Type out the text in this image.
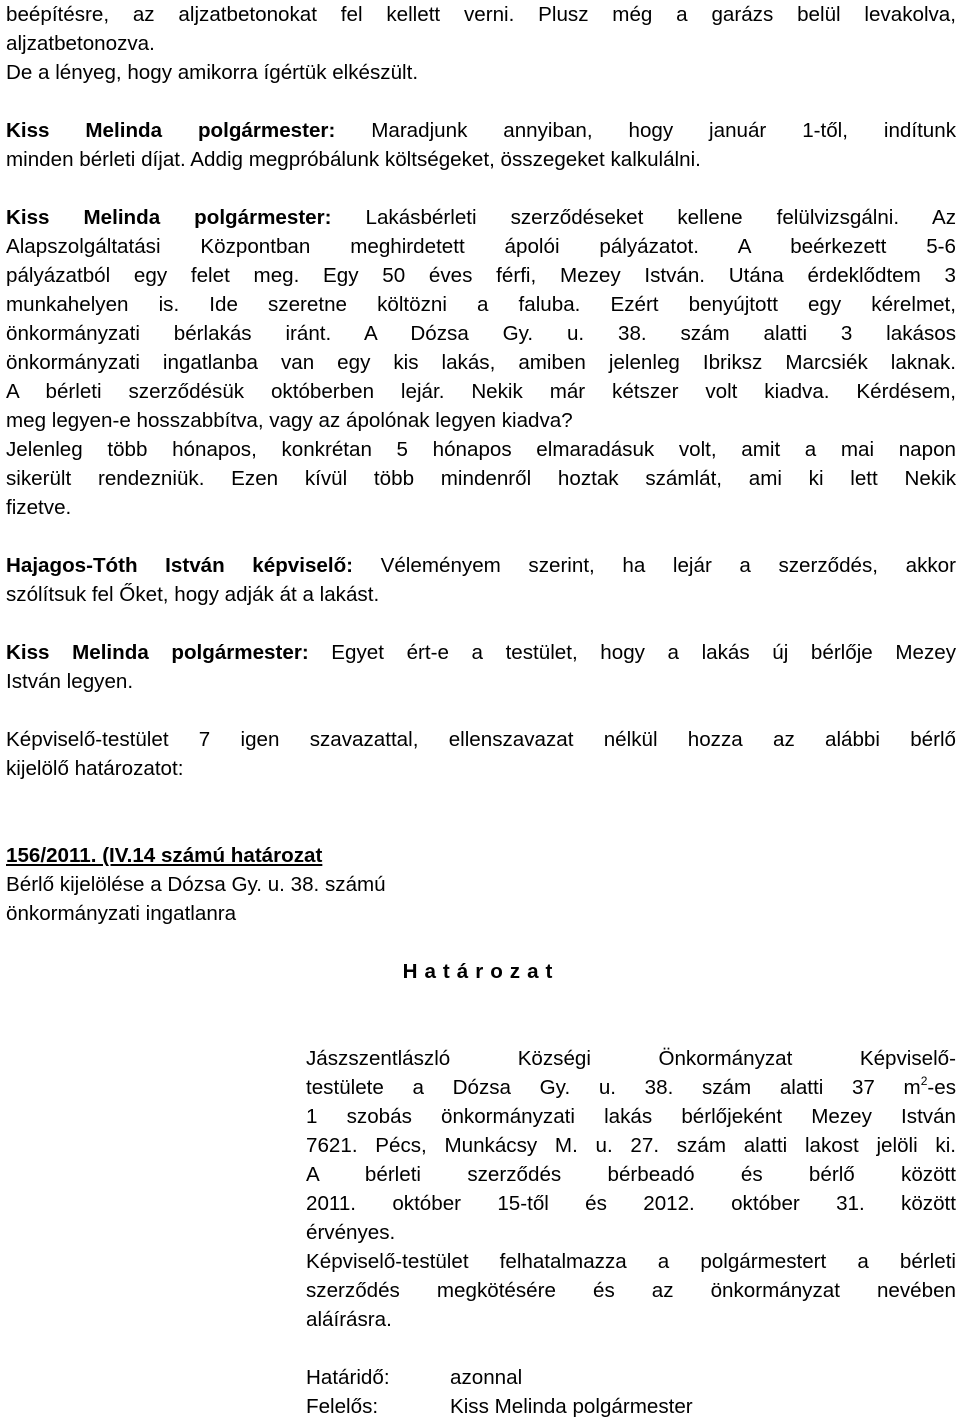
beépítésre, az aljzatbetonokat fel kellett verni. Plusz még a garázs belül levakolva,

aljzatbetonozva.

De a lényeg, hogy amikorra ígértük elkészült.

Kiss Melinda polgármester: Maradjunk annyiban, hogy január 1-től, indítunk

minden bérleti díjat. Addig megpróbálunk költségeket, összegeket kalkulálni.

Kiss Melinda polgármester: Lakásbérleti szerződéseket kellene felülvizsgálni. Az

Alapszolgáltatási Központban meghirdetett ápolói pályázatot. A beérkezett 5-6

pályázatból egy felet meg. Egy 50 éves férfi, Mezey István. Utána érdeklődtem 3

munkahelyen is. Ide szeretne költözni a faluba. Ezért benyújtott egy kérelmet,

önkormányzati bérlakás iránt. A Dózsa Gy. u. 38. szám alatti 3 lakásos

önkormányzati ingatlanba van egy kis lakás, amiben jelenleg Ibriksz Marcsiék laknak.

A bérleti szerződésük októberben lejár. Nekik már kétszer volt kiadva. Kérdésem,

meg legyen-e hosszabbítva, vagy az ápolónak legyen kiadva?

Jelenleg több hónapos, konkrétan 5 hónapos elmaradásuk volt, amit a mai napon

sikerült rendezniük. Ezen kívül több mindenről hoztak számlát, ami ki lett Nekik

fizetve.

Hajagos-Tóth István képviselő: Véleményem szerint, ha lejár a szerződés, akkor

szólítsuk fel Őket, hogy adják át a lakást.

Kiss Melinda polgármester: Egyet ért-e a testület, hogy a lakás új bérlője Mezey

István legyen.

Képviselő-testület 7 igen szavazattal, ellenszavazat nélkül hozza az alábbi bérlő

kijelölő határozatot:

156/2011. (IV.14 számú határozat

Bérlő kijelölése a Dózsa Gy. u. 38. számú

önkormányzati ingatlanra

Határozat

Jászszentlászló Községi Önkormányzat Képviselő-

testülete a Dózsa Gy. u. 38. szám alatti 37 $m^2-es$

1 szobás önkormányzati lakás bérlőjeként Mezey István

7621. Pécs, Munkácsy M. u. 27. szám alatti lakost jelöli ki.

A bérleti szerződés bérbeadó és bérlő között

2011. október 15-től és 2012. október 31. között

érvényes.

Képviselő-testület felhatalmazza a polgármestert a bérleti

szerződés megkötésére és az önkormányzat nevében

aláírásra.

Határidő:	azonnal
Felelős:	Kiss Melinda polgármester
